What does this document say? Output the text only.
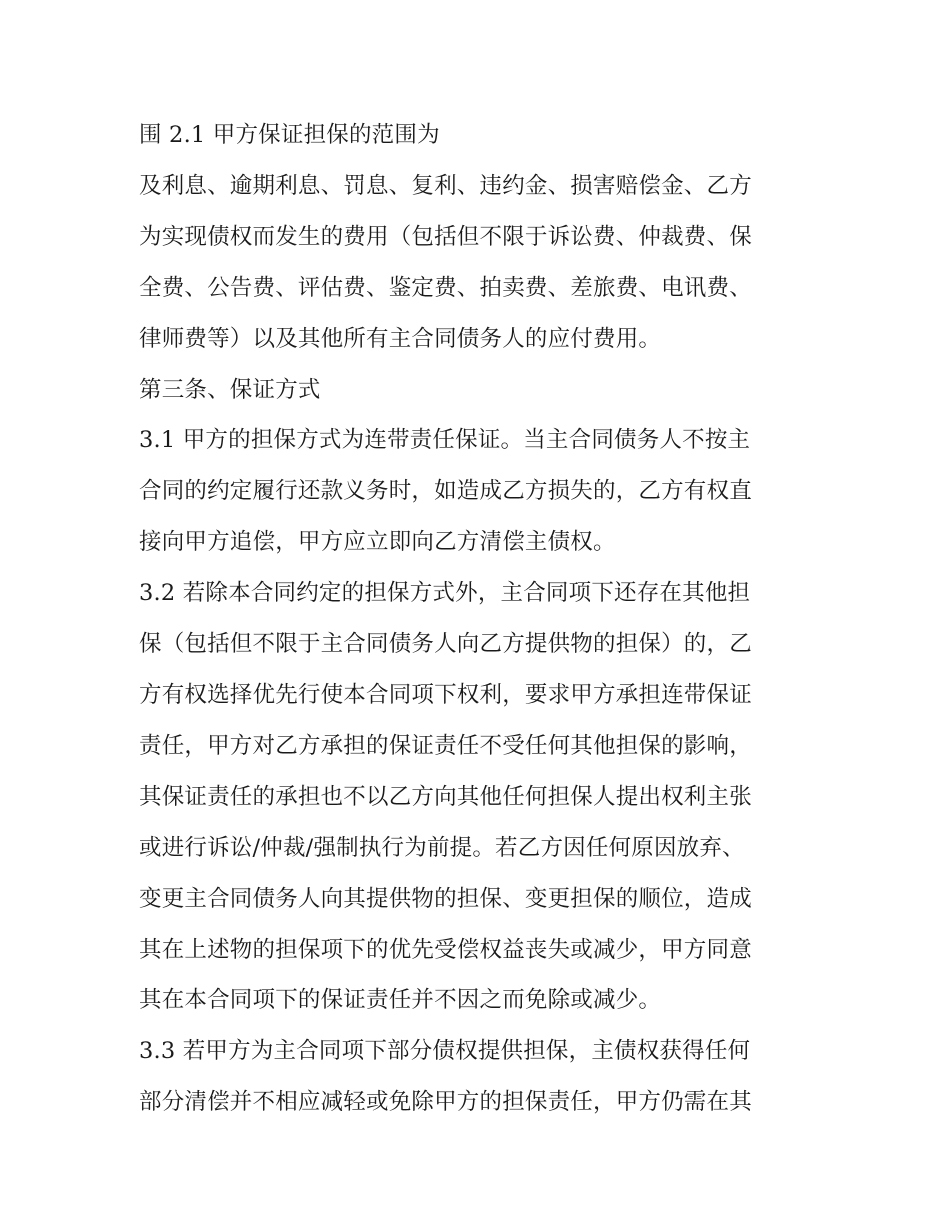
围 2.1 甲方保证担保的范围为
及利息、逾期利息、罚息、复利、违约金、损害赔偿金、乙方
为实现债权而发生的费用（包括但不限于诉讼费、仲裁费、保
全费、公告费、评估费、鉴定费、拍卖费、差旅费、电讯费、
律师费等）以及其他所有主合同债务人的应付费用。
第三条、保证方式
3.1 甲方的担保方式为连带责任保证。当主合同债务人不按主
合同的约定履行还款义务时，如造成乙方损失的，乙方有权直
接向甲方追偿，甲方应立即向乙方清偿主债权。
3.2 若除本合同约定的担保方式外，主合同项下还存在其他担
保（包括但不限于主合同债务人向乙方提供物的担保）的，乙
方有权选择优先行使本合同项下权利，要求甲方承担连带保证
责任，甲方对乙方承担的保证责任不受任何其他担保的影响，
其保证责任的承担也不以乙方向其他任何担保人提出权利主张
或进行诉讼/仲裁/强制执行为前提。若乙方因任何原因放弃、
变更主合同债务人向其提供物的担保、变更担保的顺位，造成
其在上述物的担保项下的优先受偿权益丧失或减少，甲方同意
其在本合同项下的保证责任并不因之而免除或减少。
3.3 若甲方为主合同项下部分债权提供担保，主债权获得任何
部分清偿并不相应减轻或免除甲方的担保责任，甲方仍需在其
